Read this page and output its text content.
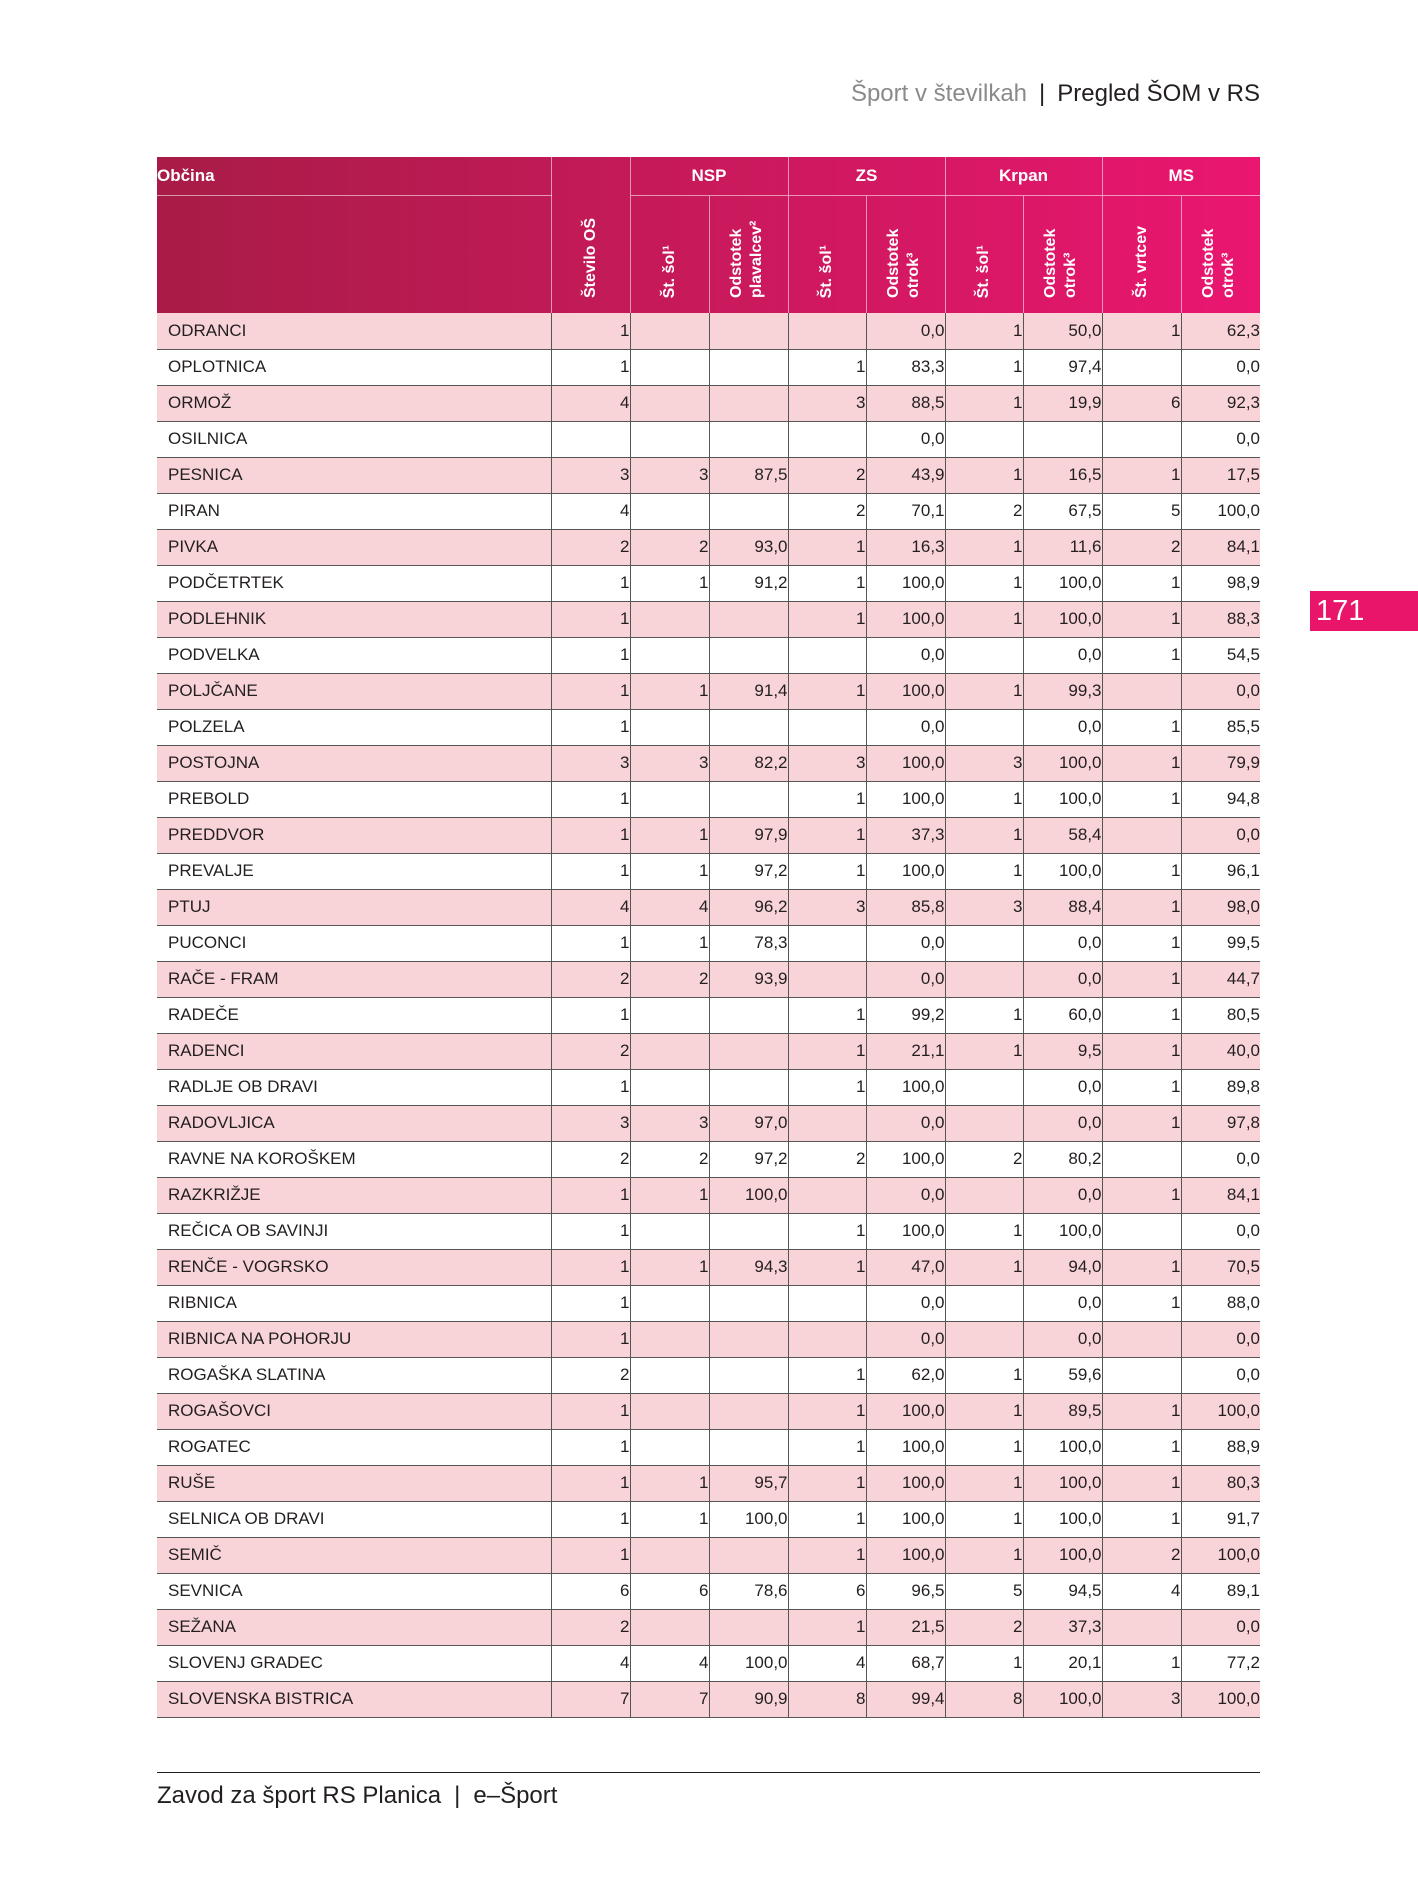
Šport v številkah | Pregled ŠOM v RS
171
Občina	Število OŠ	NSP		ZS		Krpan		MS	
		Št. šol¹	Odstotek plavalcev²	Št. šol¹	Odstotek otrok³	Št. šol¹	Odstotek otrok³	Št. vrtcev	Odstotek otrok³
ODRANCI	1				0,0	1	50,0	1	62,3
OPLOTNICA	1			1	83,3	1	97,4		0,0
ORMOŽ	4			3	88,5	1	19,9	6	92,3
OSILNICA					0,0				0,0
PESNICA	3	3	87,5	2	43,9	1	16,5	1	17,5
PIRAN	4			2	70,1	2	67,5	5	100,0
PIVKA	2	2	93,0	1	16,3	1	11,6	2	84,1
PODČETRTEK	1	1	91,2	1	100,0	1	100,0	1	98,9
PODLEHNIK	1			1	100,0	1	100,0	1	88,3
PODVELKA	1				0,0		0,0	1	54,5
POLJČANE	1	1	91,4	1	100,0	1	99,3		0,0
POLZELA	1				0,0		0,0	1	85,5
POSTOJNA	3	3	82,2	3	100,0	3	100,0	1	79,9
PREBOLD	1			1	100,0	1	100,0	1	94,8
PREDDVOR	1	1	97,9	1	37,3	1	58,4		0,0
PREVALJE	1	1	97,2	1	100,0	1	100,0	1	96,1
PTUJ	4	4	96,2	3	85,8	3	88,4	1	98,0
PUCONCI	1	1	78,3		0,0		0,0	1	99,5
RAČE - FRAM	2	2	93,9		0,0		0,0	1	44,7
RADEČE	1			1	99,2	1	60,0	1	80,5
RADENCI	2			1	21,1	1	9,5	1	40,0
RADLJE OB DRAVI	1			1	100,0		0,0	1	89,8
RADOVLJICA	3	3	97,0		0,0		0,0	1	97,8
RAVNE NA KOROŠKEM	2	2	97,2	2	100,0	2	80,2		0,0
RAZKRIŽJE	1	1	100,0		0,0		0,0	1	84,1
REČICA OB SAVINJI	1			1	100,0	1	100,0		0,0
RENČE - VOGRSKO	1	1	94,3	1	47,0	1	94,0	1	70,5
RIBNICA	1				0,0		0,0	1	88,0
RIBNICA NA POHORJU	1				0,0		0,0		0,0
ROGAŠKA SLATINA	2			1	62,0	1	59,6		0,0
ROGAŠOVCI	1			1	100,0	1	89,5	1	100,0
ROGATEC	1			1	100,0	1	100,0	1	88,9
RUŠE	1	1	95,7	1	100,0	1	100,0	1	80,3
SELNICA OB DRAVI	1	1	100,0	1	100,0	1	100,0	1	91,7
SEMIČ	1			1	100,0	1	100,0	2	100,0
SEVNICA	6	6	78,6	6	96,5	5	94,5	4	89,1
SEŽANA	2			1	21,5	2	37,3		0,0
SLOVENJ GRADEC	4	4	100,0	4	68,7	1	20,1	1	77,2
SLOVENSKA BISTRICA	7	7	90,9	8	99,4	8	100,0	3	100,0
Zavod za šport RS Planica | e–Šport
